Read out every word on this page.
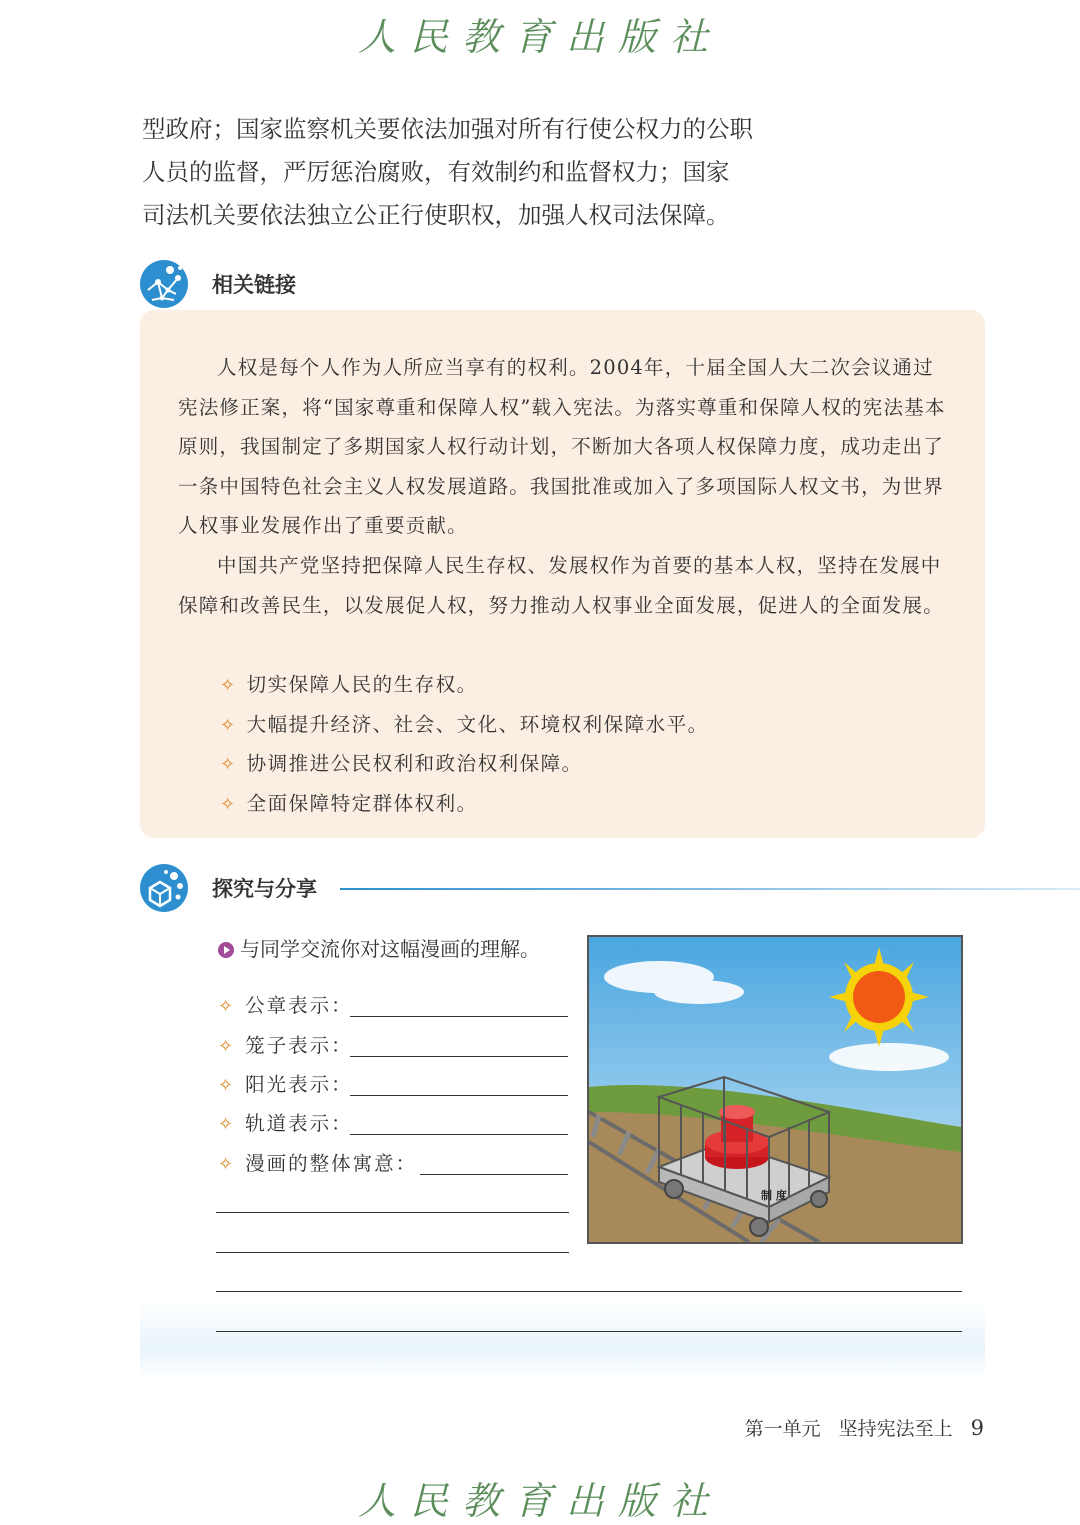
人民教育出版社

型政府；国家监察机关要依法加强对所有行使公权力的公职

人员的监督，严厉惩治腐败，有效制约和监督权力；国家

司法机关要依法独立公正行使职权，加强人权司法保障。

相关链接

人权是每个人作为人所应当享有的权利。2004年，十届全国人大二次会议通过宪法修正案，将“国家尊重和保障人权”载入宪法。为落实尊重和保障人权的宪法基本原则，我国制定了多期国家人权行动计划，不断加大各项人权保障力度，成功走出了一条中国特色社会主义人权发展道路。我国批准或加入了多项国际人权文书，为世界人权事业发展作出了重要贡献。

中国共产党坚持把保障人民生存权、发展权作为首要的基本人权，坚持在发展中保障和改善民生，以发展促人权，努力推动人权事业全面发展，促进人的全面发展。

✧ 切实保障人民的生存权。
✧ 大幅提升经济、社会、文化、环境权利保障水平。
✧ 协调推进公民权利和政治权利保障。
✧ 全面保障特定群体权利。
探究与分享
与同学交流你对这幅漫画的理解。
✧ 公章表示：
✧ 笼子表示：
✧ 阳光表示：
✧ 轨道表示：
✧ 漫画的整体寓意：
制 度
第一单元 坚持宪法至上 9
人民教育出版社
